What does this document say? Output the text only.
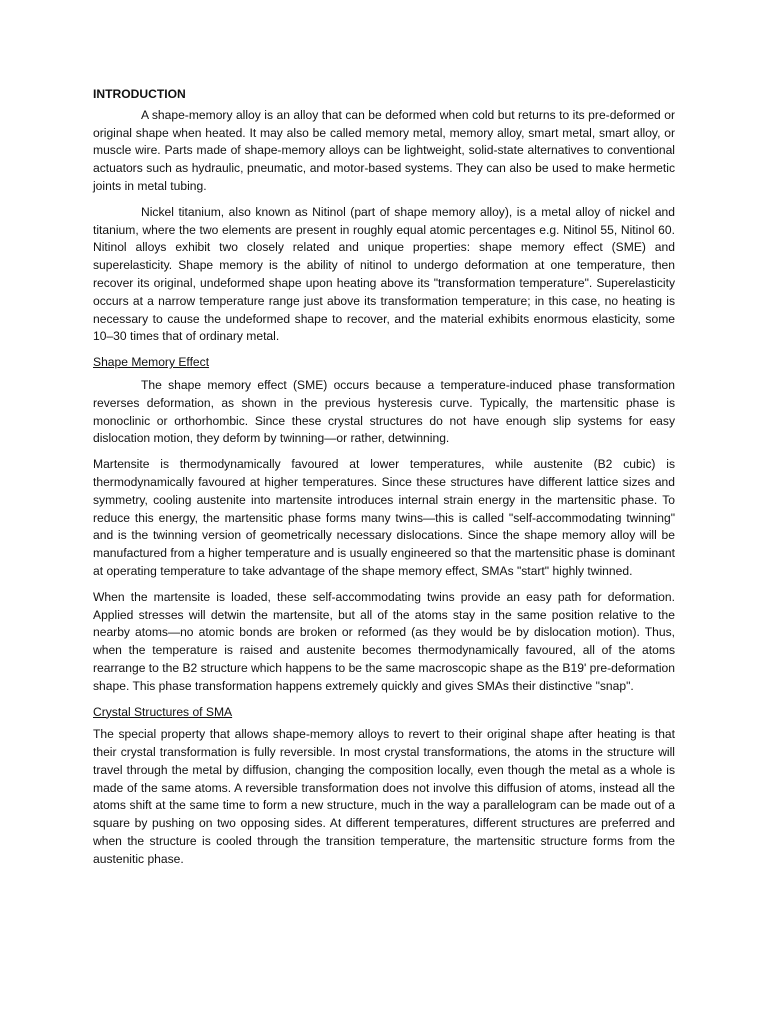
INTRODUCTION

A shape-memory alloy is an alloy that can be deformed when cold but returns to its pre-deformed or original shape when heated. It may also be called memory metal, memory alloy, smart metal, smart alloy, or muscle wire. Parts made of shape-memory alloys can be lightweight, solid-state alternatives to conventional actuators such as hydraulic, pneumatic, and motor-based systems. They can also be used to make hermetic joints in metal tubing.

Nickel titanium, also known as Nitinol (part of shape memory alloy), is a metal alloy of nickel and titanium, where the two elements are present in roughly equal atomic percentages e.g. Nitinol 55, Nitinol 60. Nitinol alloys exhibit two closely related and unique properties: shape memory effect (SME) and superelasticity. Shape memory is the ability of nitinol to undergo deformation at one temperature, then recover its original, undeformed shape upon heating above its "transformation temperature". Superelasticity occurs at a narrow temperature range just above its transformation temperature; in this case, no heating is necessary to cause the undeformed shape to recover, and the material exhibits enormous elasticity, some 10–30 times that of ordinary metal.

Shape Memory Effect

The shape memory effect (SME) occurs because a temperature-induced phase transformation reverses deformation, as shown in the previous hysteresis curve. Typically, the martensitic phase is monoclinic or orthorhombic. Since these crystal structures do not have enough slip systems for easy dislocation motion, they deform by twinning—or rather, detwinning.

Martensite is thermodynamically favoured at lower temperatures, while austenite (B2 cubic) is thermodynamically favoured at higher temperatures. Since these structures have different lattice sizes and symmetry, cooling austenite into martensite introduces internal strain energy in the martensitic phase. To reduce this energy, the martensitic phase forms many twins—this is called "self-accommodating twinning" and is the twinning version of geometrically necessary dislocations. Since the shape memory alloy will be manufactured from a higher temperature and is usually engineered so that the martensitic phase is dominant at operating temperature to take advantage of the shape memory effect, SMAs "start" highly twinned.

When the martensite is loaded, these self-accommodating twins provide an easy path for deformation. Applied stresses will detwin the martensite, but all of the atoms stay in the same position relative to the nearby atoms—no atomic bonds are broken or reformed (as they would be by dislocation motion). Thus, when the temperature is raised and austenite becomes thermodynamically favoured, all of the atoms rearrange to the B2 structure which happens to be the same macroscopic shape as the B19' pre-deformation shape. This phase transformation happens extremely quickly and gives SMAs their distinctive "snap".

Crystal Structures of SMA

The special property that allows shape-memory alloys to revert to their original shape after heating is that their crystal transformation is fully reversible. In most crystal transformations, the atoms in the structure will travel through the metal by diffusion, changing the composition locally, even though the metal as a whole is made of the same atoms. A reversible transformation does not involve this diffusion of atoms, instead all the atoms shift at the same time to form a new structure, much in the way a parallelogram can be made out of a square by pushing on two opposing sides. At different temperatures, different structures are preferred and when the structure is cooled through the transition temperature, the martensitic structure forms from the austenitic phase.
